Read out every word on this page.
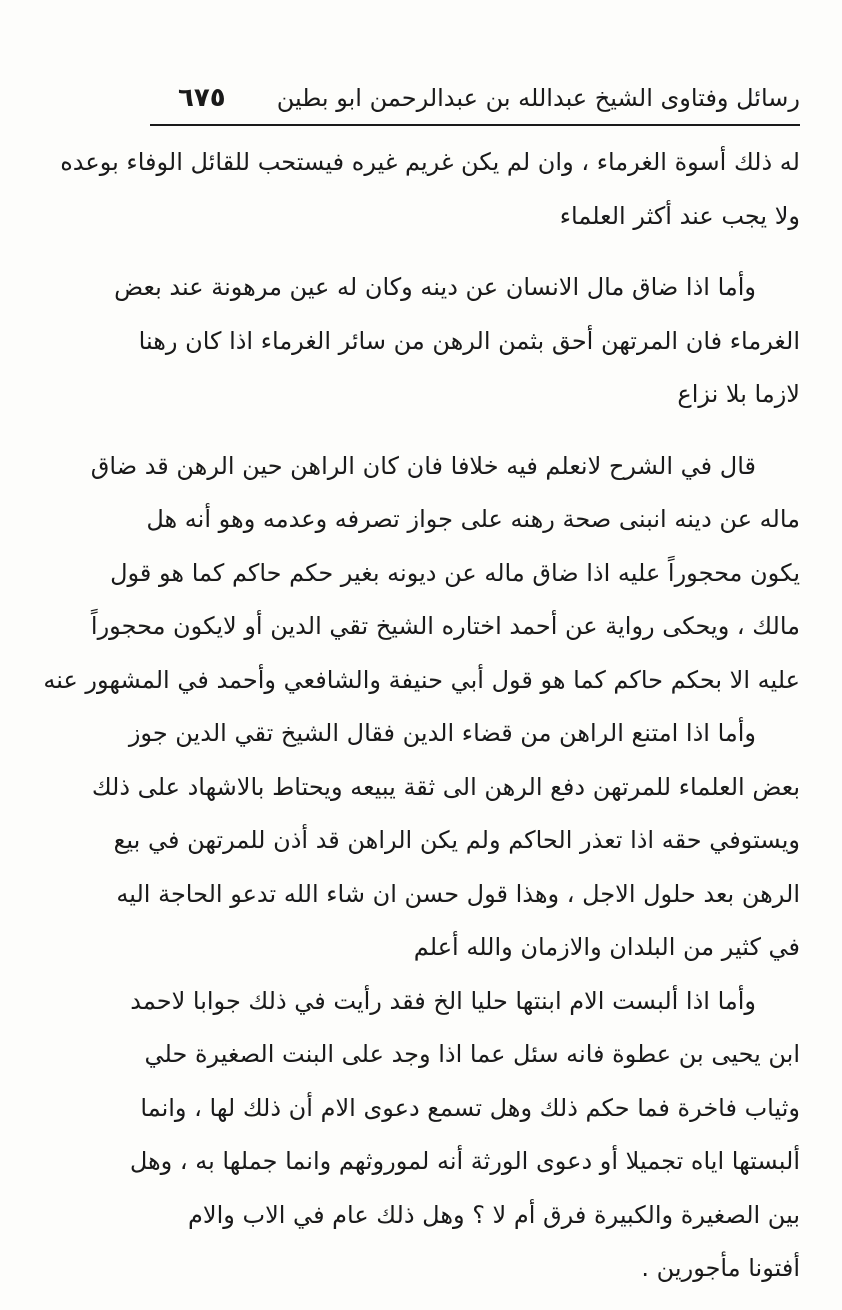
رسائل وفتاوى الشيخ عبدالله بن عبدالرحمن ابو بطين
٦٧٥
له ذلك أسوة الغرماء ، وان لم يكن غريم غيره فيستحب للقائل الوفاء بوعده
ولا يجب عند أكثر العلماء
وأما اذا ضاق مال الانسان عن دينه وكان له عين مرهونة عند بعض
الغرماء فان المرتهن أحق بثمن الرهن من سائر الغرماء اذا كان رهنا
لازما بلا نزاع
قال في الشرح لانعلم فيه خلافا فان كان الراهن حين الرهن قد ضاق
ماله عن دينه انبنى صحة رهنه على جواز تصرفه وعدمه وهو أنه هل
يكون محجوراً عليه اذا ضاق ماله عن ديونه بغير حكم حاكم كما هو قول
مالك ، ويحكى رواية عن أحمد اختاره الشيخ تقي الدين أو لايكون محجوراً
عليه الا بحكم حاكم كما هو قول أبي حنيفة والشافعي وأحمد في المشهور عنه
وأما اذا امتنع الراهن من قضاء الدين فقال الشيخ تقي الدين جوز
بعض العلماء للمرتهن دفع الرهن الى ثقة يبيعه ويحتاط بالاشهاد على ذلك
ويستوفي حقه اذا تعذر الحاكم ولم يكن الراهن قد أذن للمرتهن في بيع
الرهن بعد حلول الاجل ، وهذا قول حسن ان شاء الله تدعو الحاجة اليه
في كثير من البلدان والازمان والله أعلم
وأما اذا ألبست الام ابنتها حليا الخ فقد رأيت في ذلك جوابا لاحمد
ابن يحيى بن عطوة فانه سئل عما اذا وجد على البنت الصغيرة حلي
وثياب فاخرة فما حكم ذلك وهل تسمع دعوى الام أن ذلك لها ، وانما
ألبستها اياه تجميلا أو دعوى الورثة أنه لموروثهم وانما جملها به ، وهل
بين الصغيرة والكبيرة فرق أم لا ؟ وهل ذلك عام في الاب والام
أفتونا مأجورين .
